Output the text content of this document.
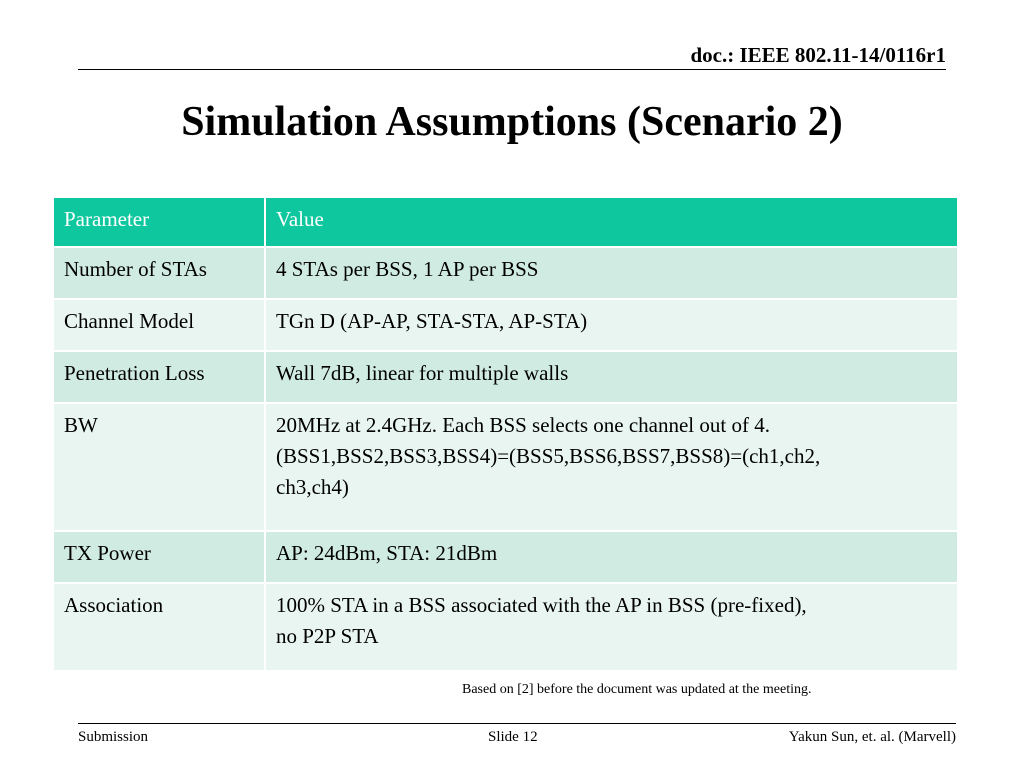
doc.: IEEE 802.11-14/0116r1
Simulation Assumptions (Scenario 2)
Parameter	Value
Number of STAs	4 STAs per BSS, 1 AP per BSS
Channel Model	TGn D (AP-AP, STA-STA, AP-STA)
Penetration Loss	Wall 7dB, linear for multiple walls
BW	20MHz at 2.4GHz. Each BSS selects one channel out of 4.
(BSS1,BSS2,BSS3,BSS4)=(BSS5,BSS6,BSS7,BSS8)=(ch1,ch2,
ch3,ch4)
TX Power	AP: 24dBm, STA: 21dBm
Association	100% STA in a BSS associated with the AP in BSS (pre-fixed),
no P2P STA
Based on [2] before the document was updated at the meeting.
Submission	Slide 12	Yakun Sun, et. al. (Marvell)
